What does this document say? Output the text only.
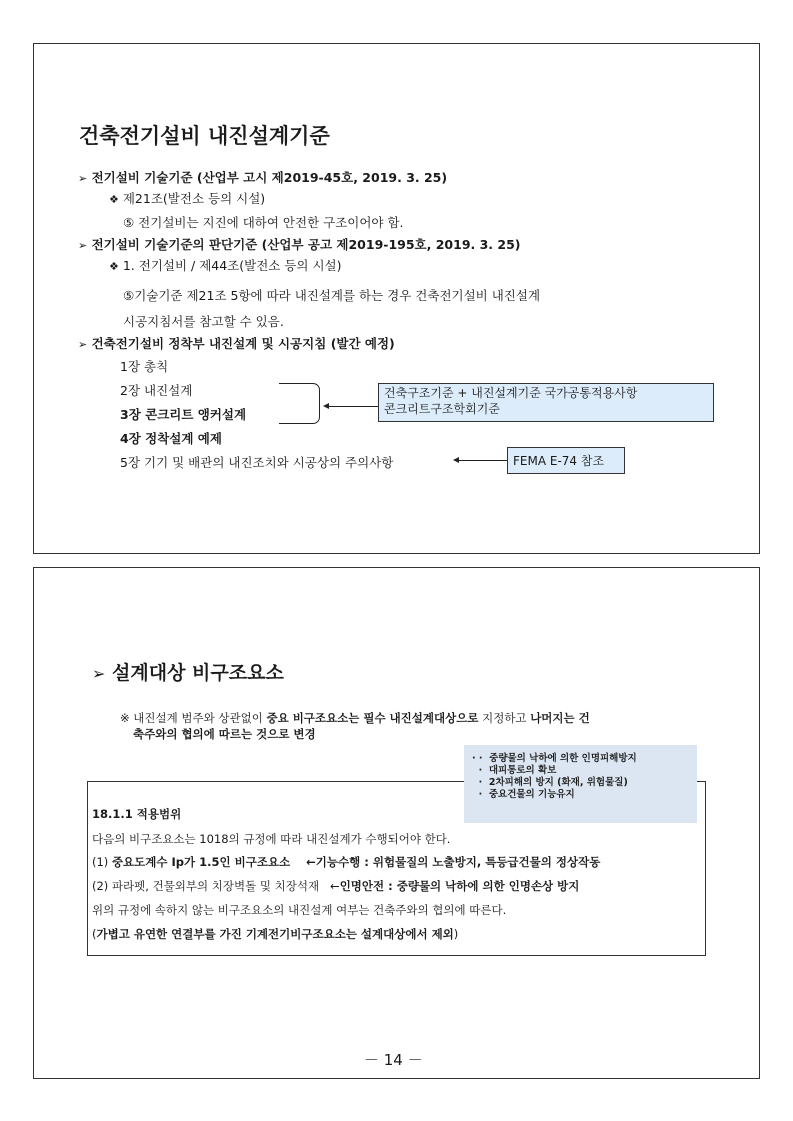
건축전기설비 내진설계기준
➢ 전기설비 기술기준 (산업부 고시 제2019-45호, 2019. 3. 25)
❖ 제21조(발전소 등의 시설)
⑤ 전기설비는 지진에 대하여 안전한 구조이어야 함.
➢ 전기설비 기술기준의 판단기준 (산업부 공고 제2019-195호, 2019. 3. 25)
❖ 1. 전기설비 / 제44조(발전소 등의 시설)
⑤기술기준 제21조 5항에 따라 내진설계를 하는 경우 건축전기설비 내진설계
시공지침서를 참고할 수 있음.
➢ 건축전기설비 정착부 내진설계 및 시공지침 (발간 예정)
1장 총칙
2장 내진설계
3장 콘크리트 앵커설계
4장 정착설계 예제
5장 기기 및 배관의 내진조치와 시공상의 주의사항
건축구조기준 + 내진설계기준 국가공통적용사항
콘크리트구조학회기준
FEMA E-74 참조
➢ 설계대상 비구조요소
※ 내진설계 범주와 상관없이 중요 비구조요소는 필수 내진설계대상으로 지정하고 나머지는 건
축주와의 협의에 따르는 것으로 변경
18.1.1 적용범위
다음의 비구조요소는 1018의 규정에 따라 내진설계가 수행되어야 한다.
(1) 중요도계수 Ip가 1.5인 비구조요소    ←기능수행 : 위험물질의 노출방지, 특등급건물의 정상작동
(2) 파라펫, 건물외부의 치장벽돌 및 치장석재   ←인명안전 : 중량물의 낙하에 의한 인명손상 방지
위의 규정에 속하지 않는 비구조요소의 내진설계 여부는 건축주와의 협의에 따른다.
(가볍고 유연한 연결부를 가진 기계전기비구조요소는 설계대상에서 제외)
· ·  중량물의 낙하에 의한 인명피해방지
·  대피통로의 확보
·  2차피해의 방지 (화재, 위험물질)
·  중요건물의 기능유지
－ 14 －
